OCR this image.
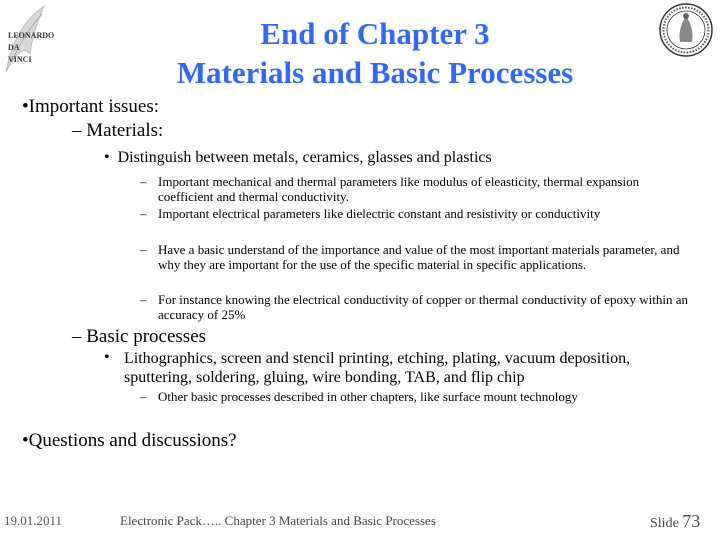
LEONARDO
DA
VINCI
End of Chapter 3
Materials and Basic Processes
•Important issues:
– Materials:
•  Distinguish between metals, ceramics, glasses and plastics
– Important mechanical and thermal parameters like modulus of eleasticity, thermal expansion coefficient and thermal conductivity.
– Important electrical parameters like dielectric constant and resistivity or conductivity
– Have a basic understand of the importance and value of the most important materials parameter, and why they are important for the use of the specific material in specific applications.
– For instance knowing the electrical conductivity of copper or thermal conductivity of epoxy within an accuracy of 25%
– Basic processes
• Lithographics, screen and stencil printing, etching, plating, vacuum deposition, sputtering, soldering, gluing, wire bonding, TAB, and flip chip
– Other basic processes described in other chapters, like surface mount technology
•Questions and discussions?
19.01.2011	Electronic Pack….. Chapter 3 Materials and Basic Processes	Slide 73
